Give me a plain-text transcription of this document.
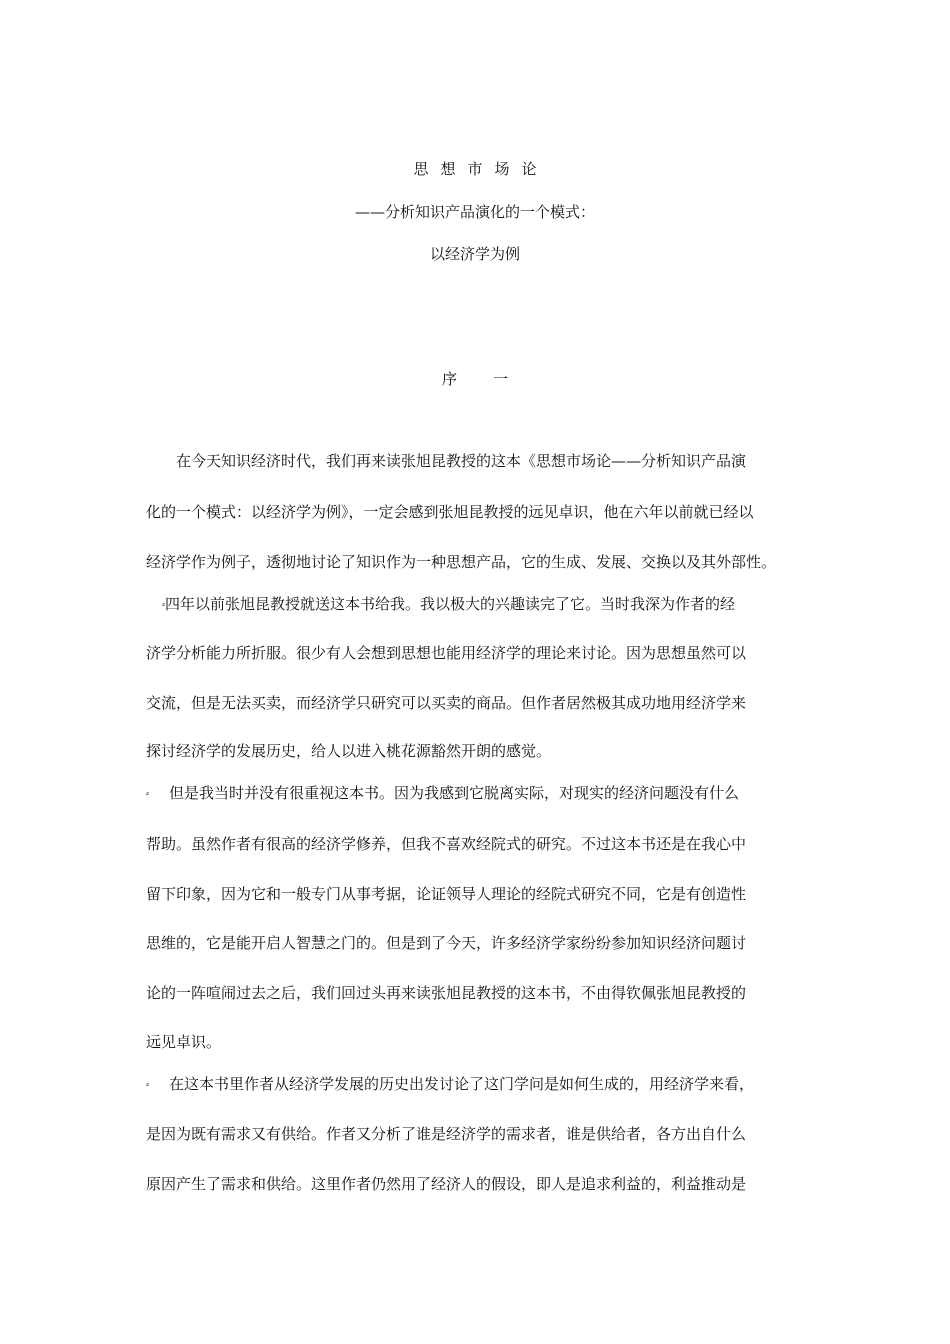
思想市场论
——分析知识产品演化的一个模式：
以经济学为例
序一
在今天知识经济时代，我们再来读张旭昆教授的这本《思想市场论——分析知识产品演
化的一个模式：以经济学为例》，一定会感到张旭昆教授的远见卓识，他在六年以前就已经以
经济学作为例子，透彻地讨论了知识作为一种思想产品，它的生成、发展、交换以及其外部性。
⸗四年以前张旭昆教授就送这本书给我。我以极大的兴趣读完了它。当时我深为作者的经
济学分析能力所折服。很少有人会想到思想也能用经济学的理论来讨论。因为思想虽然可以
交流，但是无法买卖，而经济学只研究可以买卖的商品。但作者居然极其成功地用经济学来
探讨经济学的发展历史，给人以进入桃花源豁然开朗的感觉。
⸗ 但是我当时并没有很重视这本书。因为我感到它脱离实际，对现实的经济问题没有什么
帮助。虽然作者有很高的经济学修养，但我不喜欢经院式的研究。不过这本书还是在我心中
留下印象，因为它和一般专门从事考据，论证领导人理论的经院式研究不同，它是有创造性
思维的，它是能开启人智慧之门的。但是到了今天，许多经济学家纷纷参加知识经济问题讨
论的一阵喧闹过去之后，我们回过头再来读张旭昆教授的这本书，不由得钦佩张旭昆教授的
远见卓识。
⸗ 在这本书里作者从经济学发展的历史出发讨论了这门学问是如何生成的，用经济学来看，
是因为既有需求又有供给。作者又分析了谁是经济学的需求者，谁是供给者，各方出自什么
原因产生了需求和供给。这里作者仍然用了经济人的假设，即人是追求利益的，利益推动是
